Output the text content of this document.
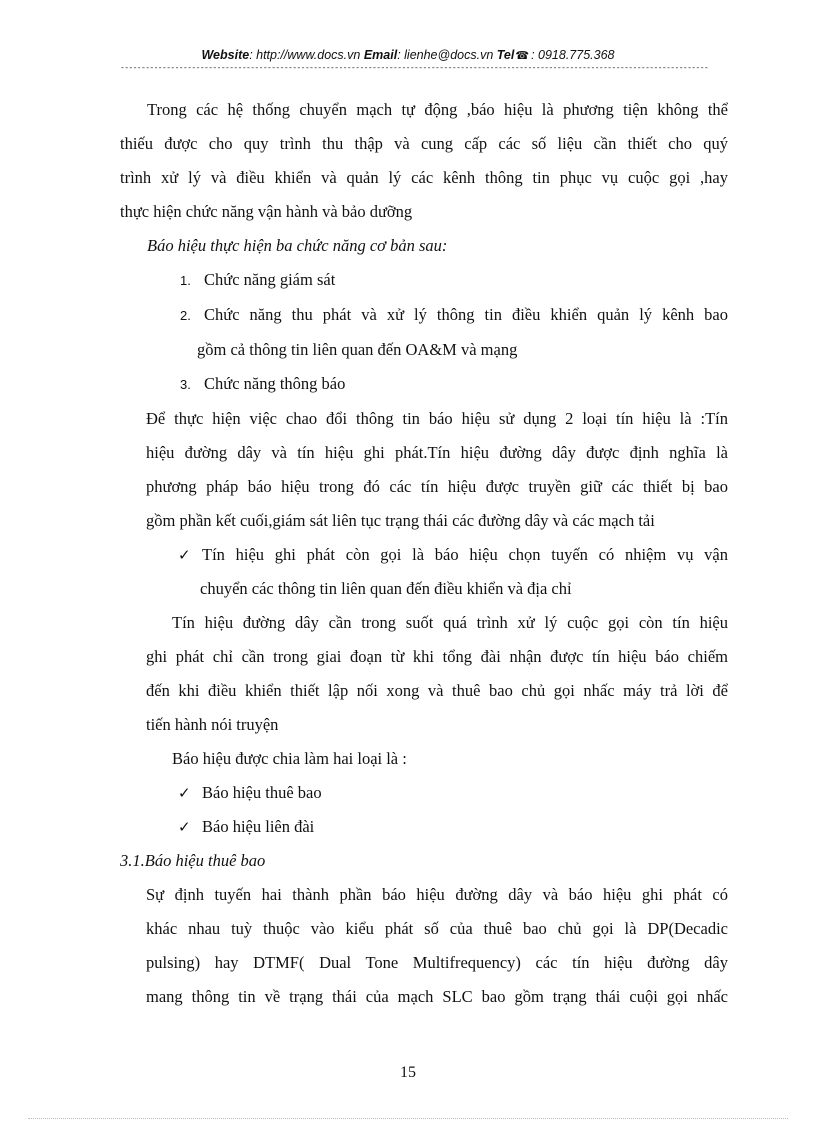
Website: http://www.docs.vn Email: lienhe@docs.vn Tel☎ : 0918.775.368
--------------------------------------------------------------------------------------------------------------------------------------------
Trong các hệ thống chuyển mạch tự động ,báo hiệu là phương tiện không thể
thiếu được cho quy trình thu thập và cung cấp các số liệu cần thiết cho quý
trình xử lý và điều khiển và quản lý các kênh thông tin phục vụ cuộc gọi ,hay
thực hiện chức năng vận hành và bảo dưỡng
Báo hiệu thực hiện ba chức năng cơ bản sau:
1. Chức năng giám sát
2. Chức năng thu phát và xử lý thông tin điều khiển quản lý kênh bao
gồm cả thông tin liên quan đến OA&M và mạng
3. Chức năng thông báo
Để thực hiện việc chao đổi thông tin báo hiệu sử dụng 2 loại tín hiệu là :Tín
hiệu đường dây và tín hiệu ghi phát.Tín hiệu đường dây được định nghĩa là
phương pháp báo hiệu trong đó các tín hiệu được truyền giữ các thiết bị bao
gồm phần kết cuối,giám sát liên tục trạng thái các đường dây và các mạch tải
✓ Tín hiệu ghi phát còn gọi là báo hiệu chọn tuyến có nhiệm vụ vận
chuyển các thông tin liên quan đến điều khiển và địa chỉ
Tín hiệu đường dây cần trong suốt quá trình xử lý cuộc gọi còn tín hiệu
ghi phát chỉ cần trong giai đoạn từ khi tổng đài nhận được tín hiệu báo chiếm
đến khi điều khiển thiết lập nối xong và thuê bao chủ gọi nhấc máy trả lời để
tiến hành nói truyện
Báo hiệu được chia làm hai loại là :
✓ Báo hiệu thuê bao
✓ Báo hiệu liên đài
3.1.Báo hiệu thuê bao
Sự định tuyến hai thành phần báo hiệu đường dây và báo hiệu ghi phát có
khác nhau tuỳ thuộc vào kiểu phát số của thuê bao chủ gọi là DP(Decadic
pulsing) hay DTMF( Dual Tone Multifrequency) các tín hiệu đường dây
mang thông tin về trạng thái của mạch SLC bao gồm trạng thái cuội gọi nhấc
15
